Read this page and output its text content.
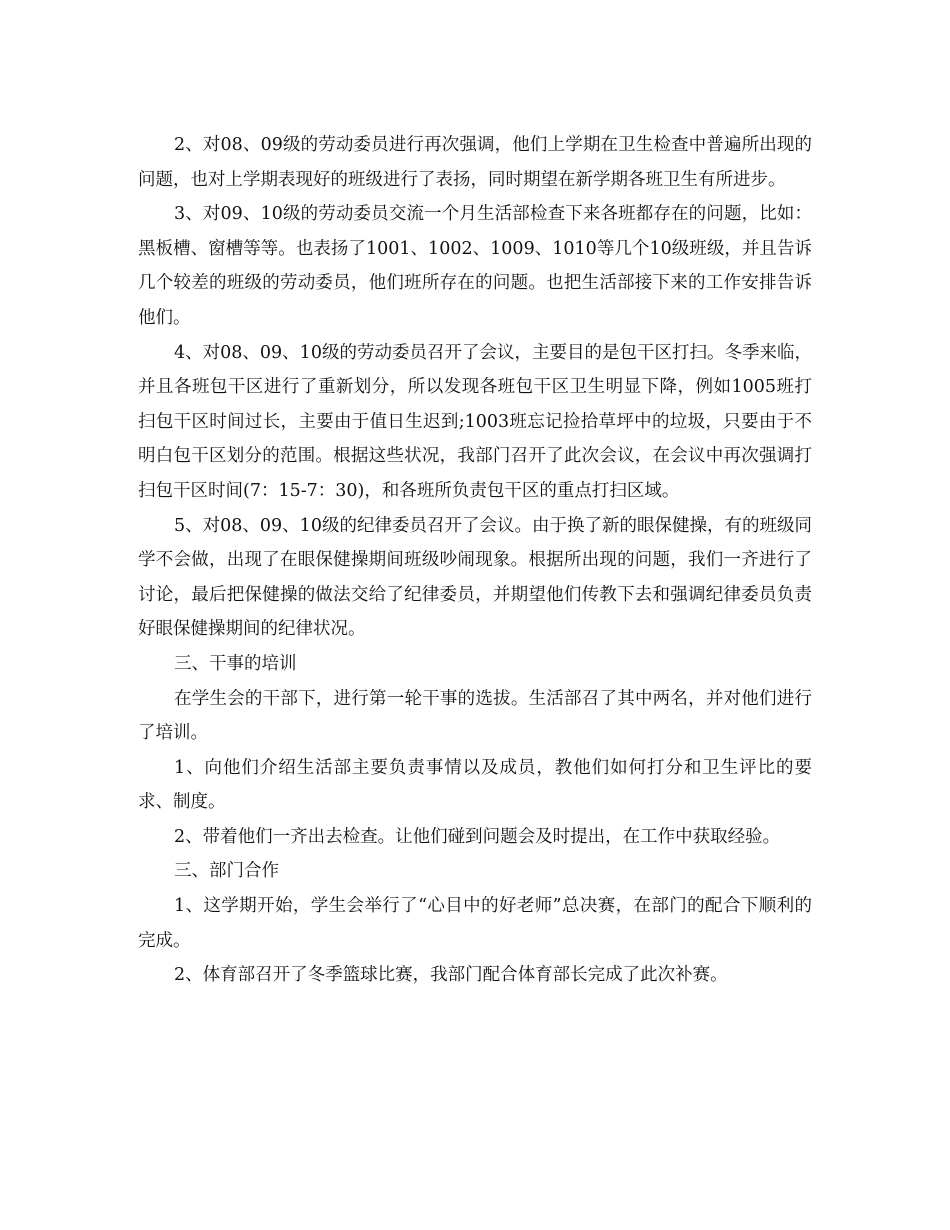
2、对08、09级的劳动委员进行再次强调，他们上学期在卫生检查中普遍所出现的问题，也对上学期表现好的班级进行了表扬，同时期望在新学期各班卫生有所进步。

3、对09、10级的劳动委员交流一个月生活部检查下来各班都存在的问题，比如：黑板槽、窗槽等等。也表扬了1001、1002、1009、1010等几个10级班级，并且告诉几个较差的班级的劳动委员，他们班所存在的问题。也把生活部接下来的工作安排告诉他们。

4、对08、09、10级的劳动委员召开了会议，主要目的是包干区打扫。冬季来临，并且各班包干区进行了重新划分，所以发现各班包干区卫生明显下降，例如1005班打扫包干区时间过长，主要由于值日生迟到;1003班忘记捡拾草坪中的垃圾，只要由于不明白包干区划分的范围。根据这些状况，我部门召开了此次会议，在会议中再次强调打扫包干区时间(7：15-7：30)，和各班所负责包干区的重点打扫区域。

5、对08、09、10级的纪律委员召开了会议。由于换了新的眼保健操，有的班级同学不会做，出现了在眼保健操期间班级吵闹现象。根据所出现的问题，我们一齐进行了讨论，最后把保健操的做法交给了纪律委员，并期望他们传教下去和强调纪律委员负责好眼保健操期间的纪律状况。

三、干事的培训

在学生会的干部下，进行第一轮干事的选拔。生活部召了其中两名，并对他们进行了培训。

1、向他们介绍生活部主要负责事情以及成员，教他们如何打分和卫生评比的要求、制度。

2、带着他们一齐出去检查。让他们碰到问题会及时提出，在工作中获取经验。

三、部门合作

1、这学期开始，学生会举行了“心目中的好老师”总决赛，在部门的配合下顺利的完成。

2、体育部召开了冬季篮球比赛，我部门配合体育部长完成了此次补赛。
